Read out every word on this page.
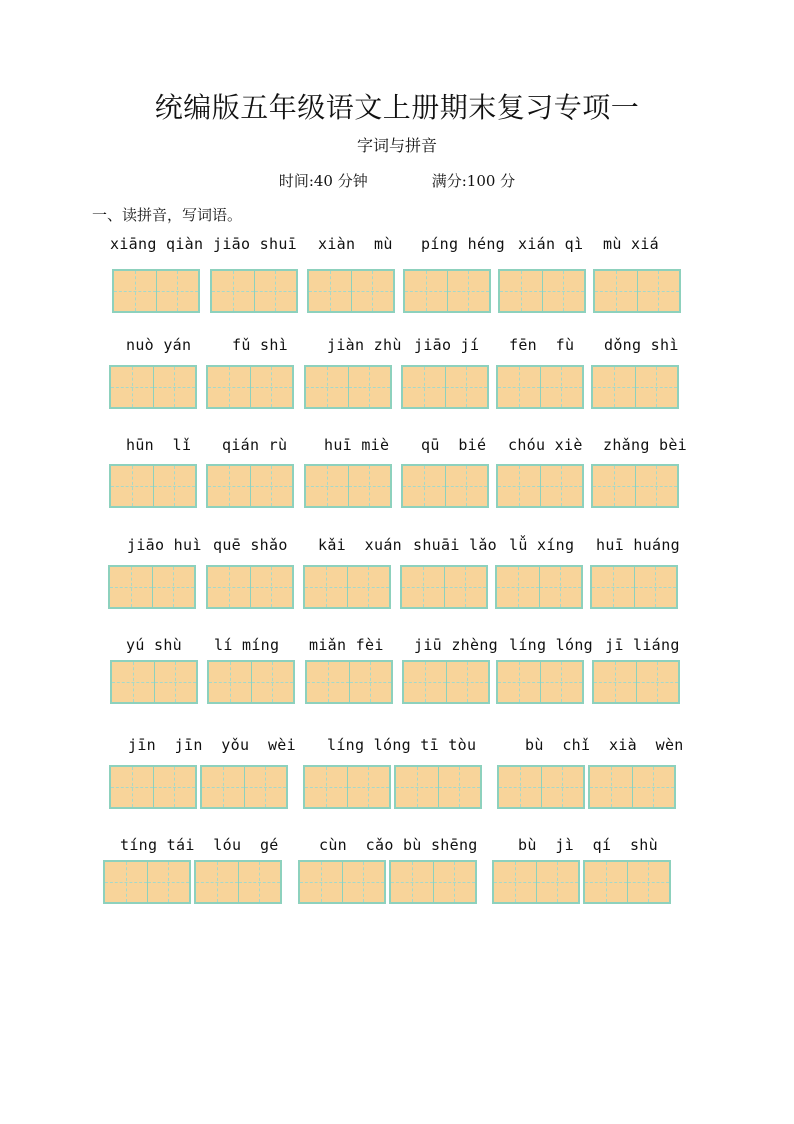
统编版五年级语文上册期末复习专项一
字词与拼音
时间:40 分钟	满分:100 分
一、读拼音，写词语。
xiāng qiàn jiāo shuī xiàn  mù píng héng xián qì mù xiá
nuò yán	fǔ shì	jiàn zhù jiāo jí fēn  fù dǒng shì
hūn  lǐ qián rù huī miè qū  bié chóu xiè zhǎng bèi
jiāo huì quē shǎo kǎi  xuán shuāi lǎo lǚ xíng huī huáng
yú shù lí míng miǎn fèi jiū zhèng líng lóng jī liáng
jīn  jīn  yǒu  wèi líng lóng tī tòu	bù  chǐ  xià  wèn
tíng tái  lóu  gé	cùn  cǎo bù shēng	bù  jì  qí  shù
